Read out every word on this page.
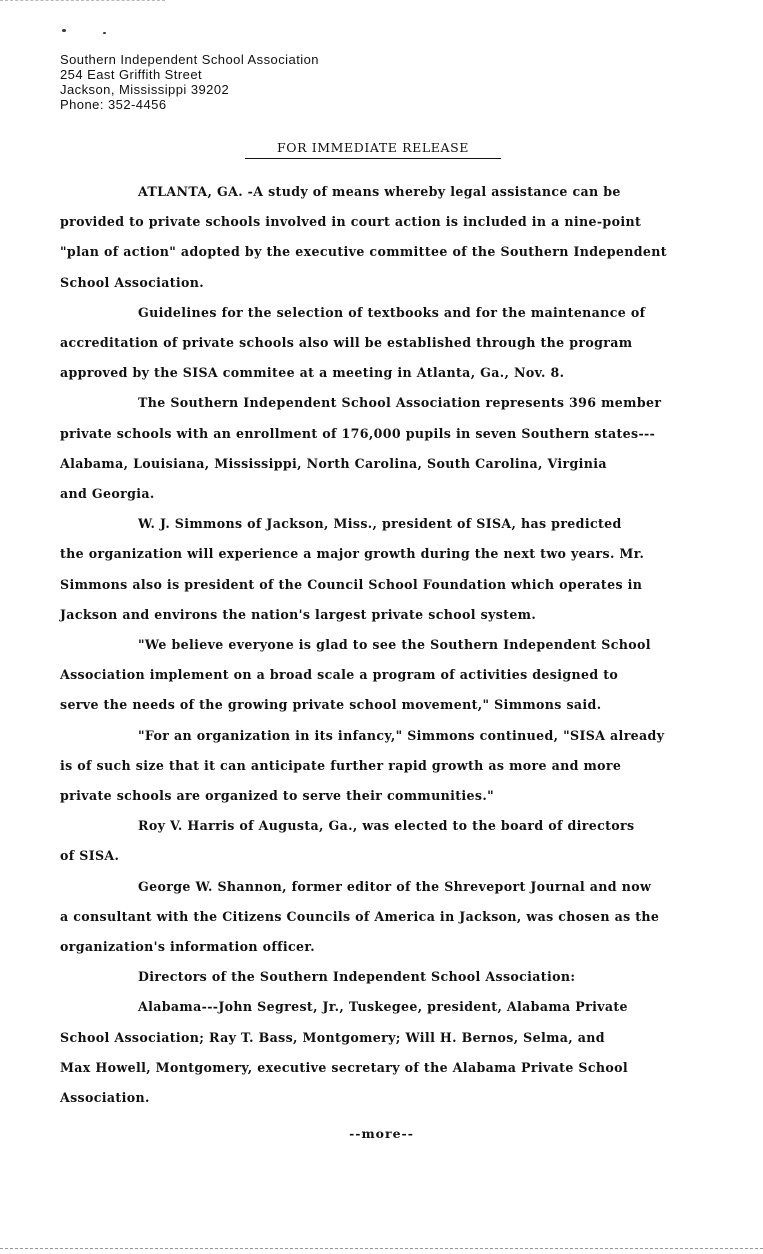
Southern Independent School Association
254 East Griffith Street
Jackson, Mississippi 39202
Phone: 352-4456
FOR IMMEDIATE RELEASE

ATLANTA, GA. -A study of means whereby legal assistance can be
provided to private schools involved in court action is included in a nine-point
"plan of action" adopted by the executive committee of the Southern Independent
School Association.

Guidelines for the selection of textbooks and for the maintenance of
accreditation of private schools also will be established through the program
approved by the SISA commitee at a meeting in Atlanta, Ga., Nov. 8.

The Southern Independent School Association represents 396 member
private schools with an enrollment of 176,000 pupils in seven Southern states---
Alabama, Louisiana, Mississippi, North Carolina, South Carolina, Virginia
and Georgia.

W. J. Simmons of Jackson, Miss., president of SISA, has predicted
the organization will experience a major growth during the next two years. Mr.
Simmons also is president of the Council School Foundation which operates in
Jackson and environs the nation's largest private school system.

"We believe everyone is glad to see the Southern Independent School
Association implement on a broad scale a program of activities designed to
serve the needs of the growing private school movement," Simmons said.

"For an organization in its infancy," Simmons continued, "SISA already
is of such size that it can anticipate further rapid growth as more and more
private schools are organized to serve their communities."

Roy V. Harris of Augusta, Ga., was elected to the board of directors
of SISA.

George W. Shannon, former editor of the Shreveport Journal and now
a consultant with the Citizens Councils of America in Jackson, was chosen as the
organization's information officer.

Directors of the Southern Independent School Association:

Alabama---John Segrest, Jr., Tuskegee, president, Alabama Private
School Association; Ray T. Bass, Montgomery; Will H. Bernos, Selma, and
Max Howell, Montgomery, executive secretary of the Alabama Private School
Association.

--more--
